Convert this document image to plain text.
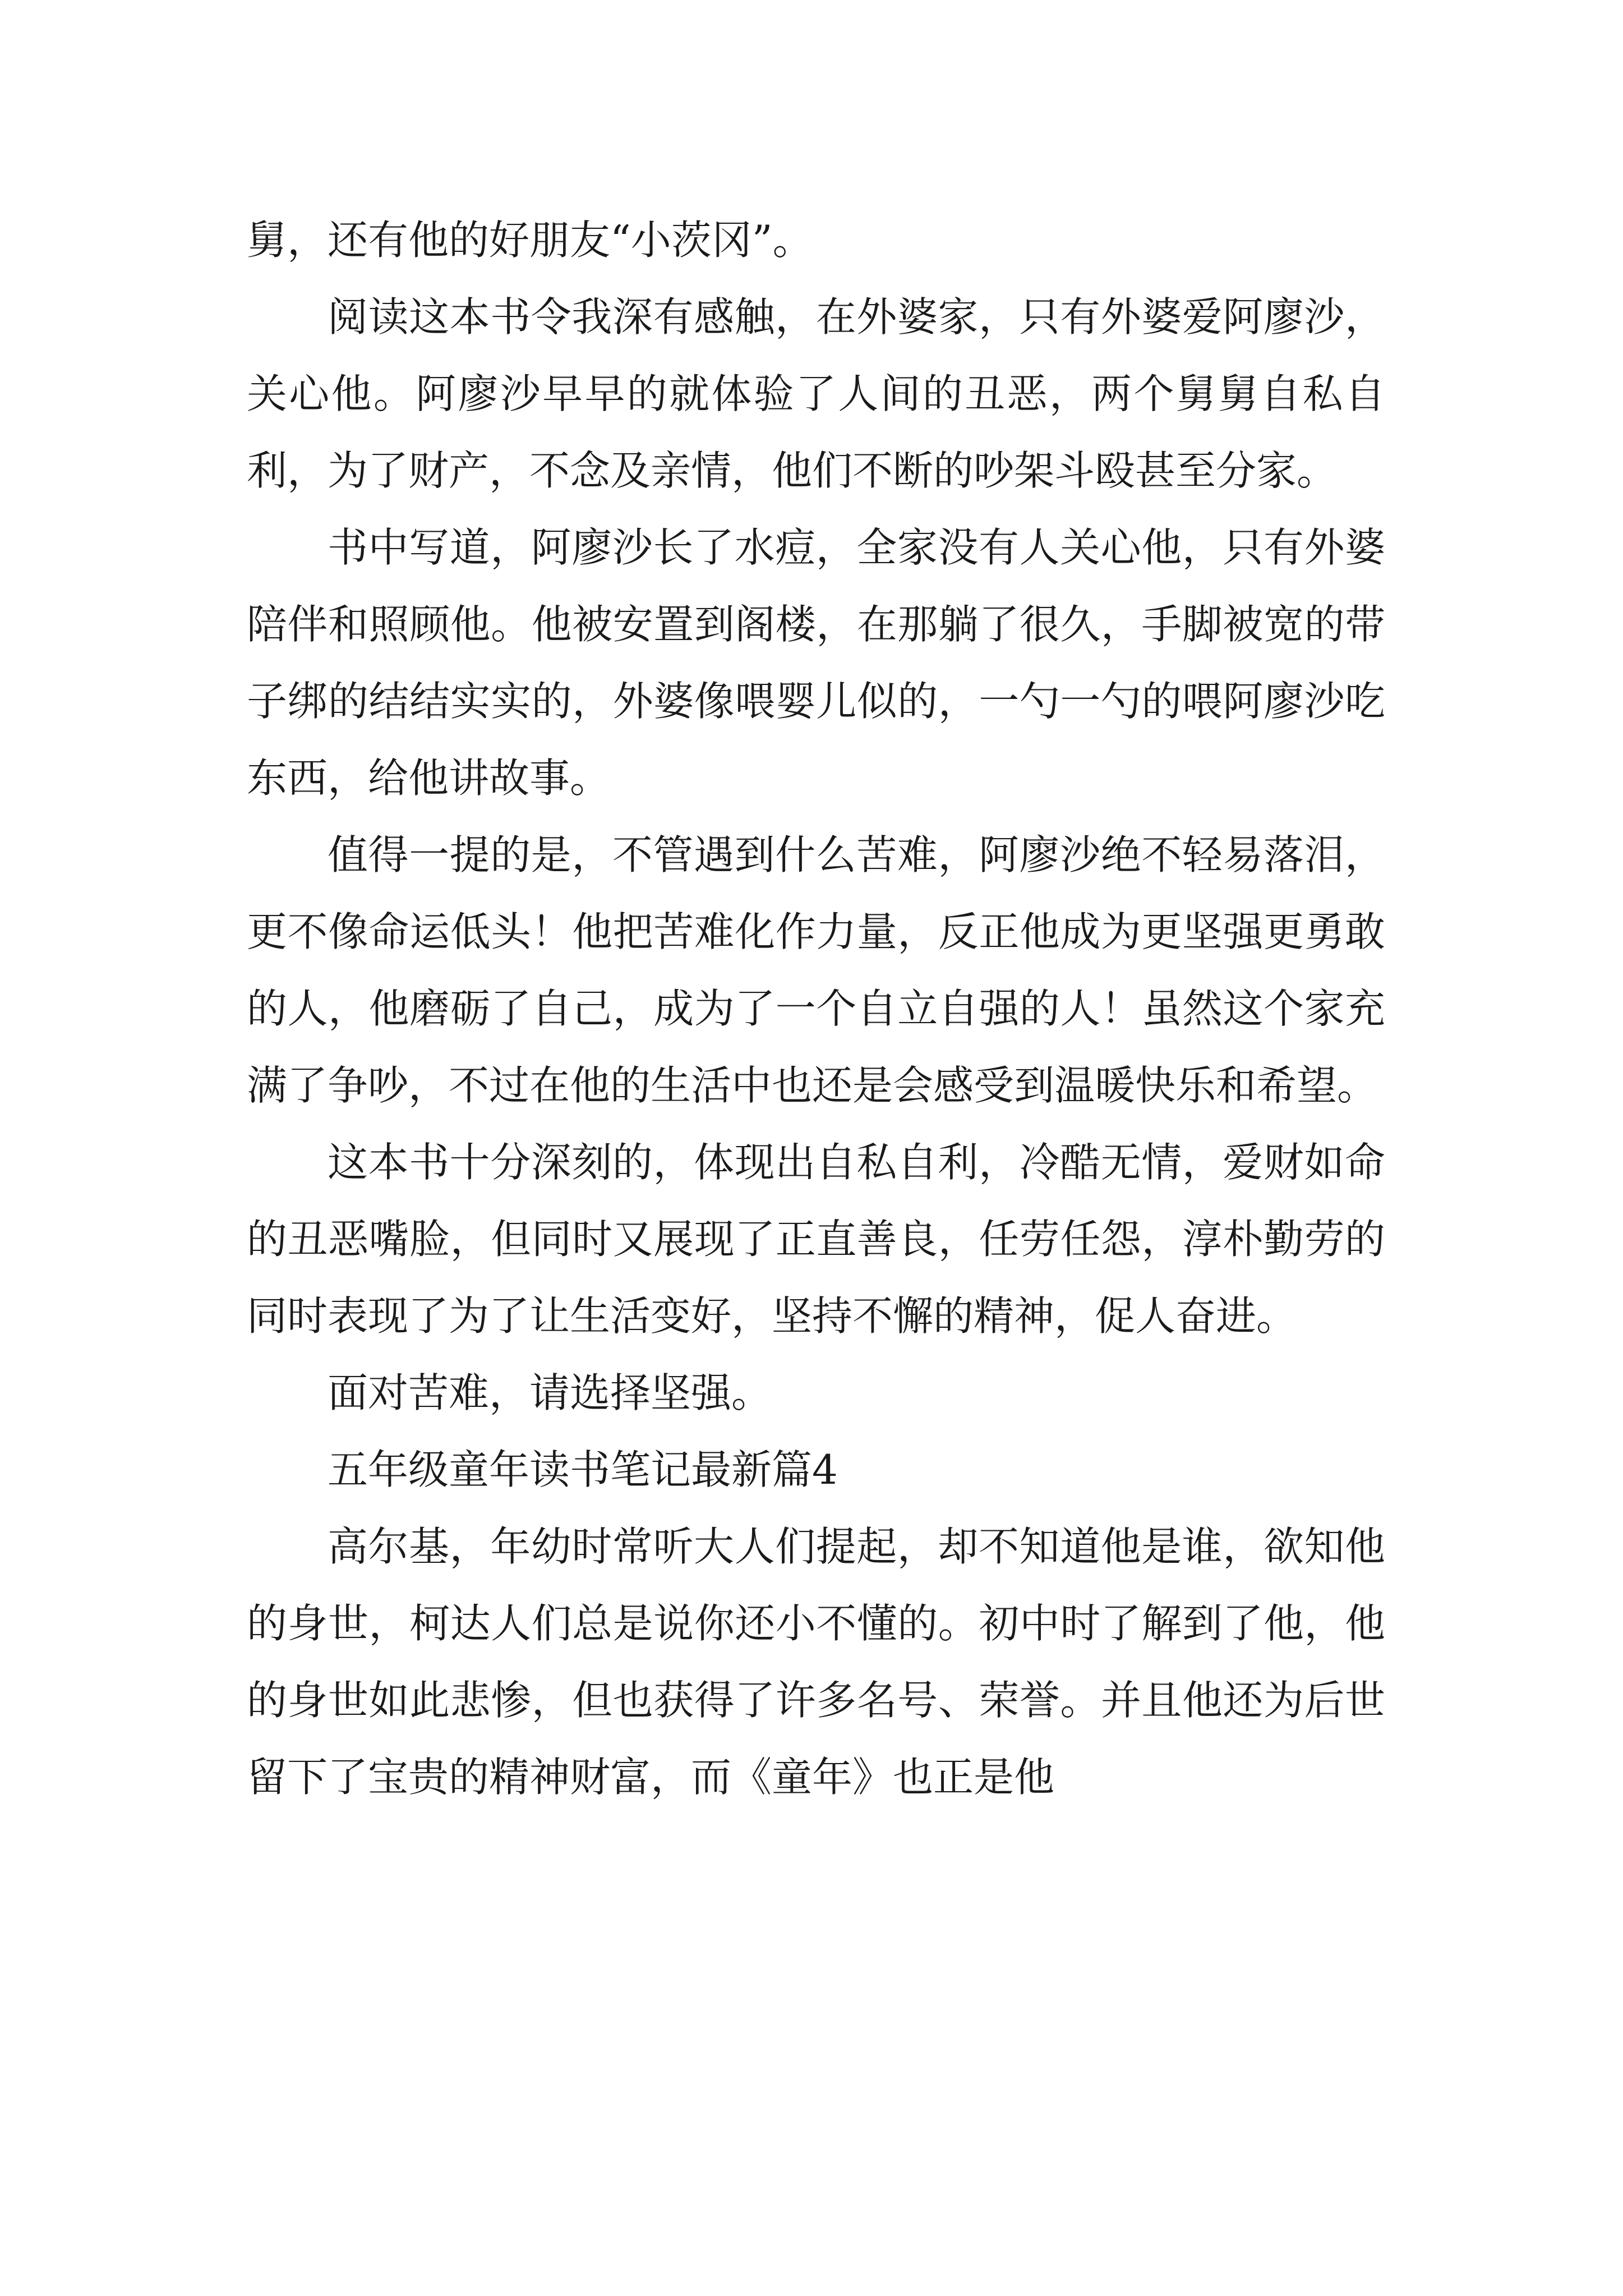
舅，还有他的好朋友“小茨冈”。

阅读这本书令我深有感触，在外婆家，只有外婆爱阿廖沙，关心他。阿廖沙早早的就体验了人间的丑恶，两个舅舅自私自利，为了财产，不念及亲情，他们不断的吵架斗殴甚至分家。

书中写道，阿廖沙长了水痘，全家没有人关心他，只有外婆陪伴和照顾他。他被安置到阁楼，在那躺了很久，手脚被宽的带子绑的结结实实的，外婆像喂婴儿似的，一勺一勺的喂阿廖沙吃东西，给他讲故事。

值得一提的是，不管遇到什么苦难，阿廖沙绝不轻易落泪，更不像命运低头！他把苦难化作力量，反正他成为更坚强更勇敢的人，他磨砺了自己，成为了一个自立自强的人！虽然这个家充满了争吵，不过在他的生活中也还是会感受到温暖快乐和希望。

这本书十分深刻的，体现出自私自利，冷酷无情，爱财如命的丑恶嘴脸，但同时又展现了正直善良，任劳任怨，淳朴勤劳的同时表现了为了让生活变好，坚持不懈的精神，促人奋进。

面对苦难，请选择坚强。

五年级童年读书笔记最新篇4

高尔基，年幼时常听大人们提起，却不知道他是谁，欲知他的身世，柯达人们总是说你还小不懂的。初中时了解到了他，他的身世如此悲惨，但也获得了许多名号、荣誉。并且他还为后世留下了宝贵的精神财富，而《童年》也正是他
